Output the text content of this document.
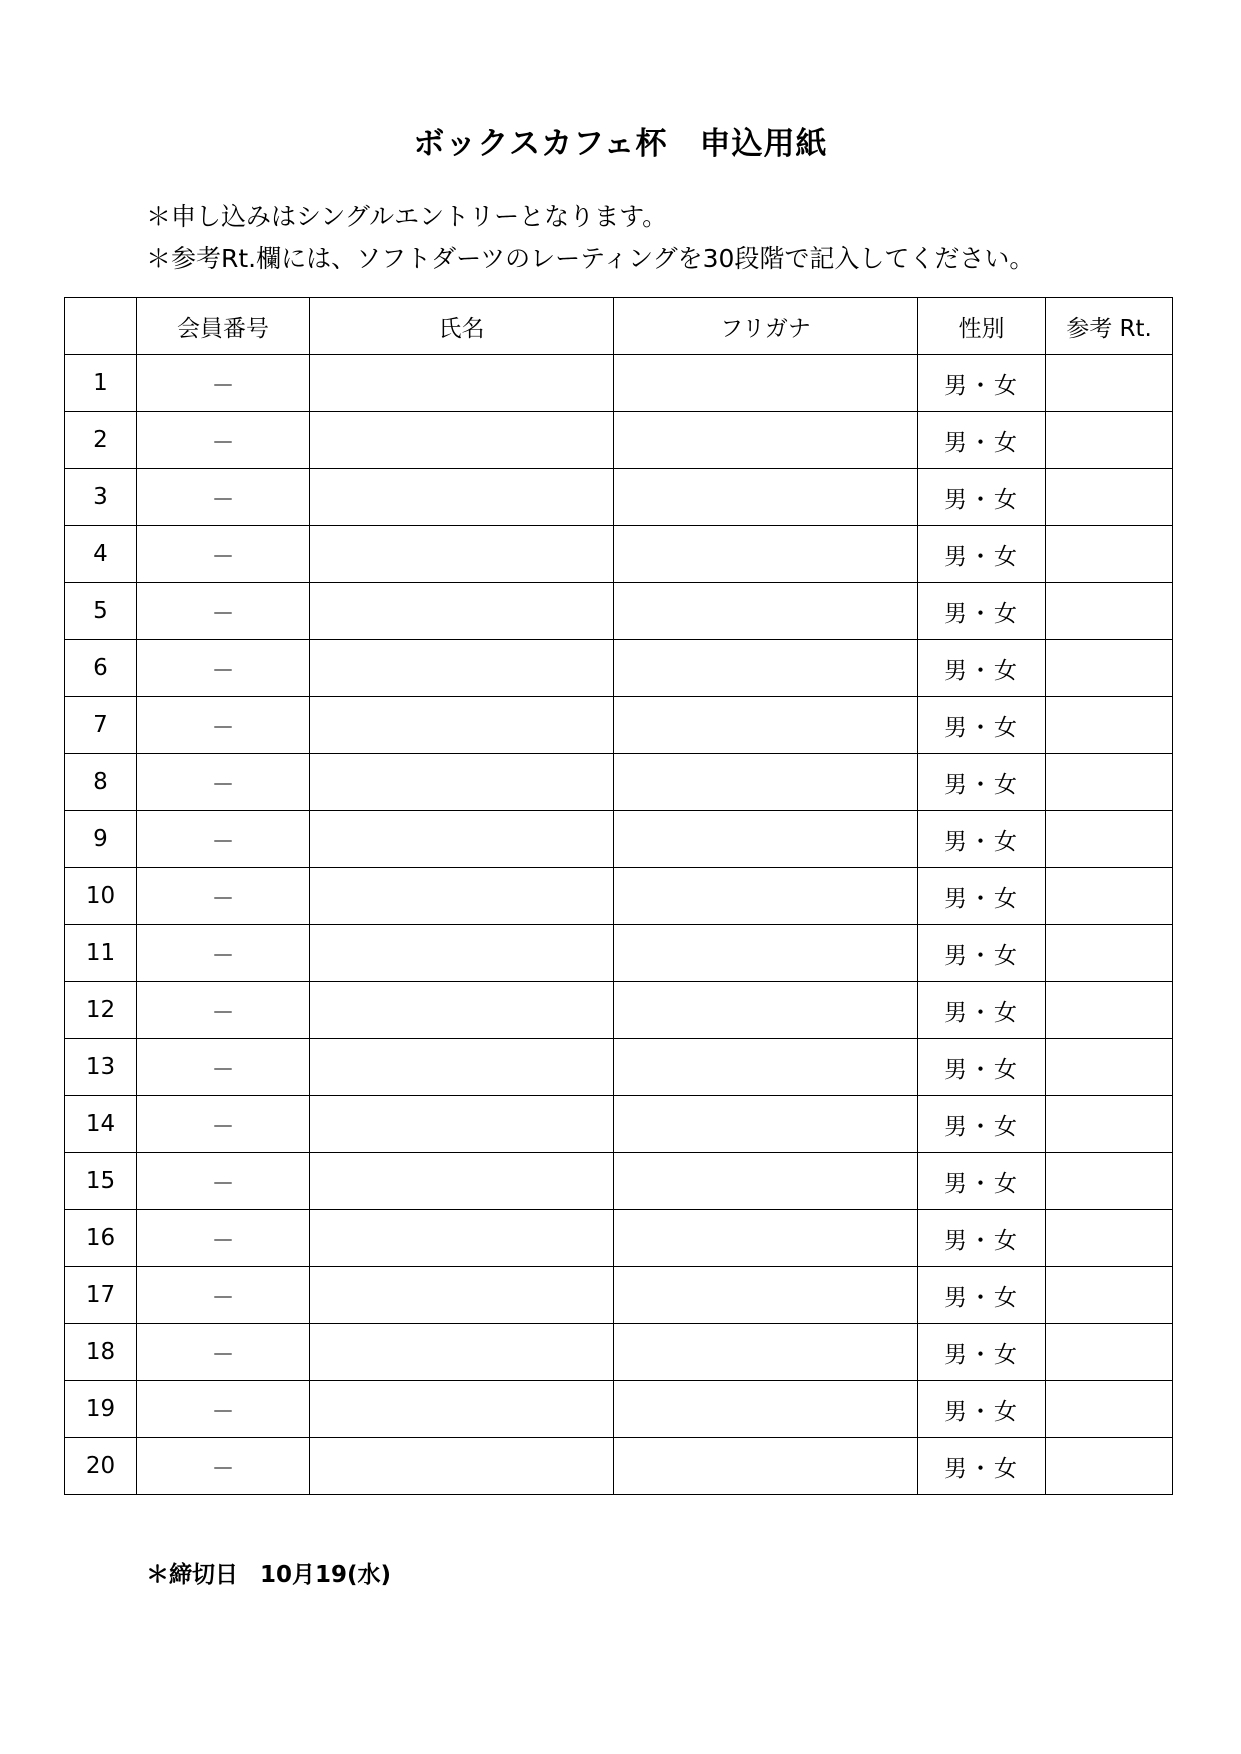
ボックスカフェ杯　申込用紙
＊申し込みはシングルエントリーとなります。
＊参考Rt.欄には、ソフトダーツのレーティングを30段階で記入してください。
	会員番号	氏名	フリガナ	性別	参考 Rt.
1	－			男・女	
2	－			男・女	
3	－			男・女	
4	－			男・女	
5	－			男・女	
6	－			男・女	
7	－			男・女	
8	－			男・女	
9	－			男・女	
10	－			男・女	
11	－			男・女	
12	－			男・女	
13	－			男・女	
14	－			男・女	
15	－			男・女	
16	－			男・女	
17	－			男・女	
18	－			男・女	
19	－			男・女	
20	－			男・女	
＊締切日 10月19(水)
